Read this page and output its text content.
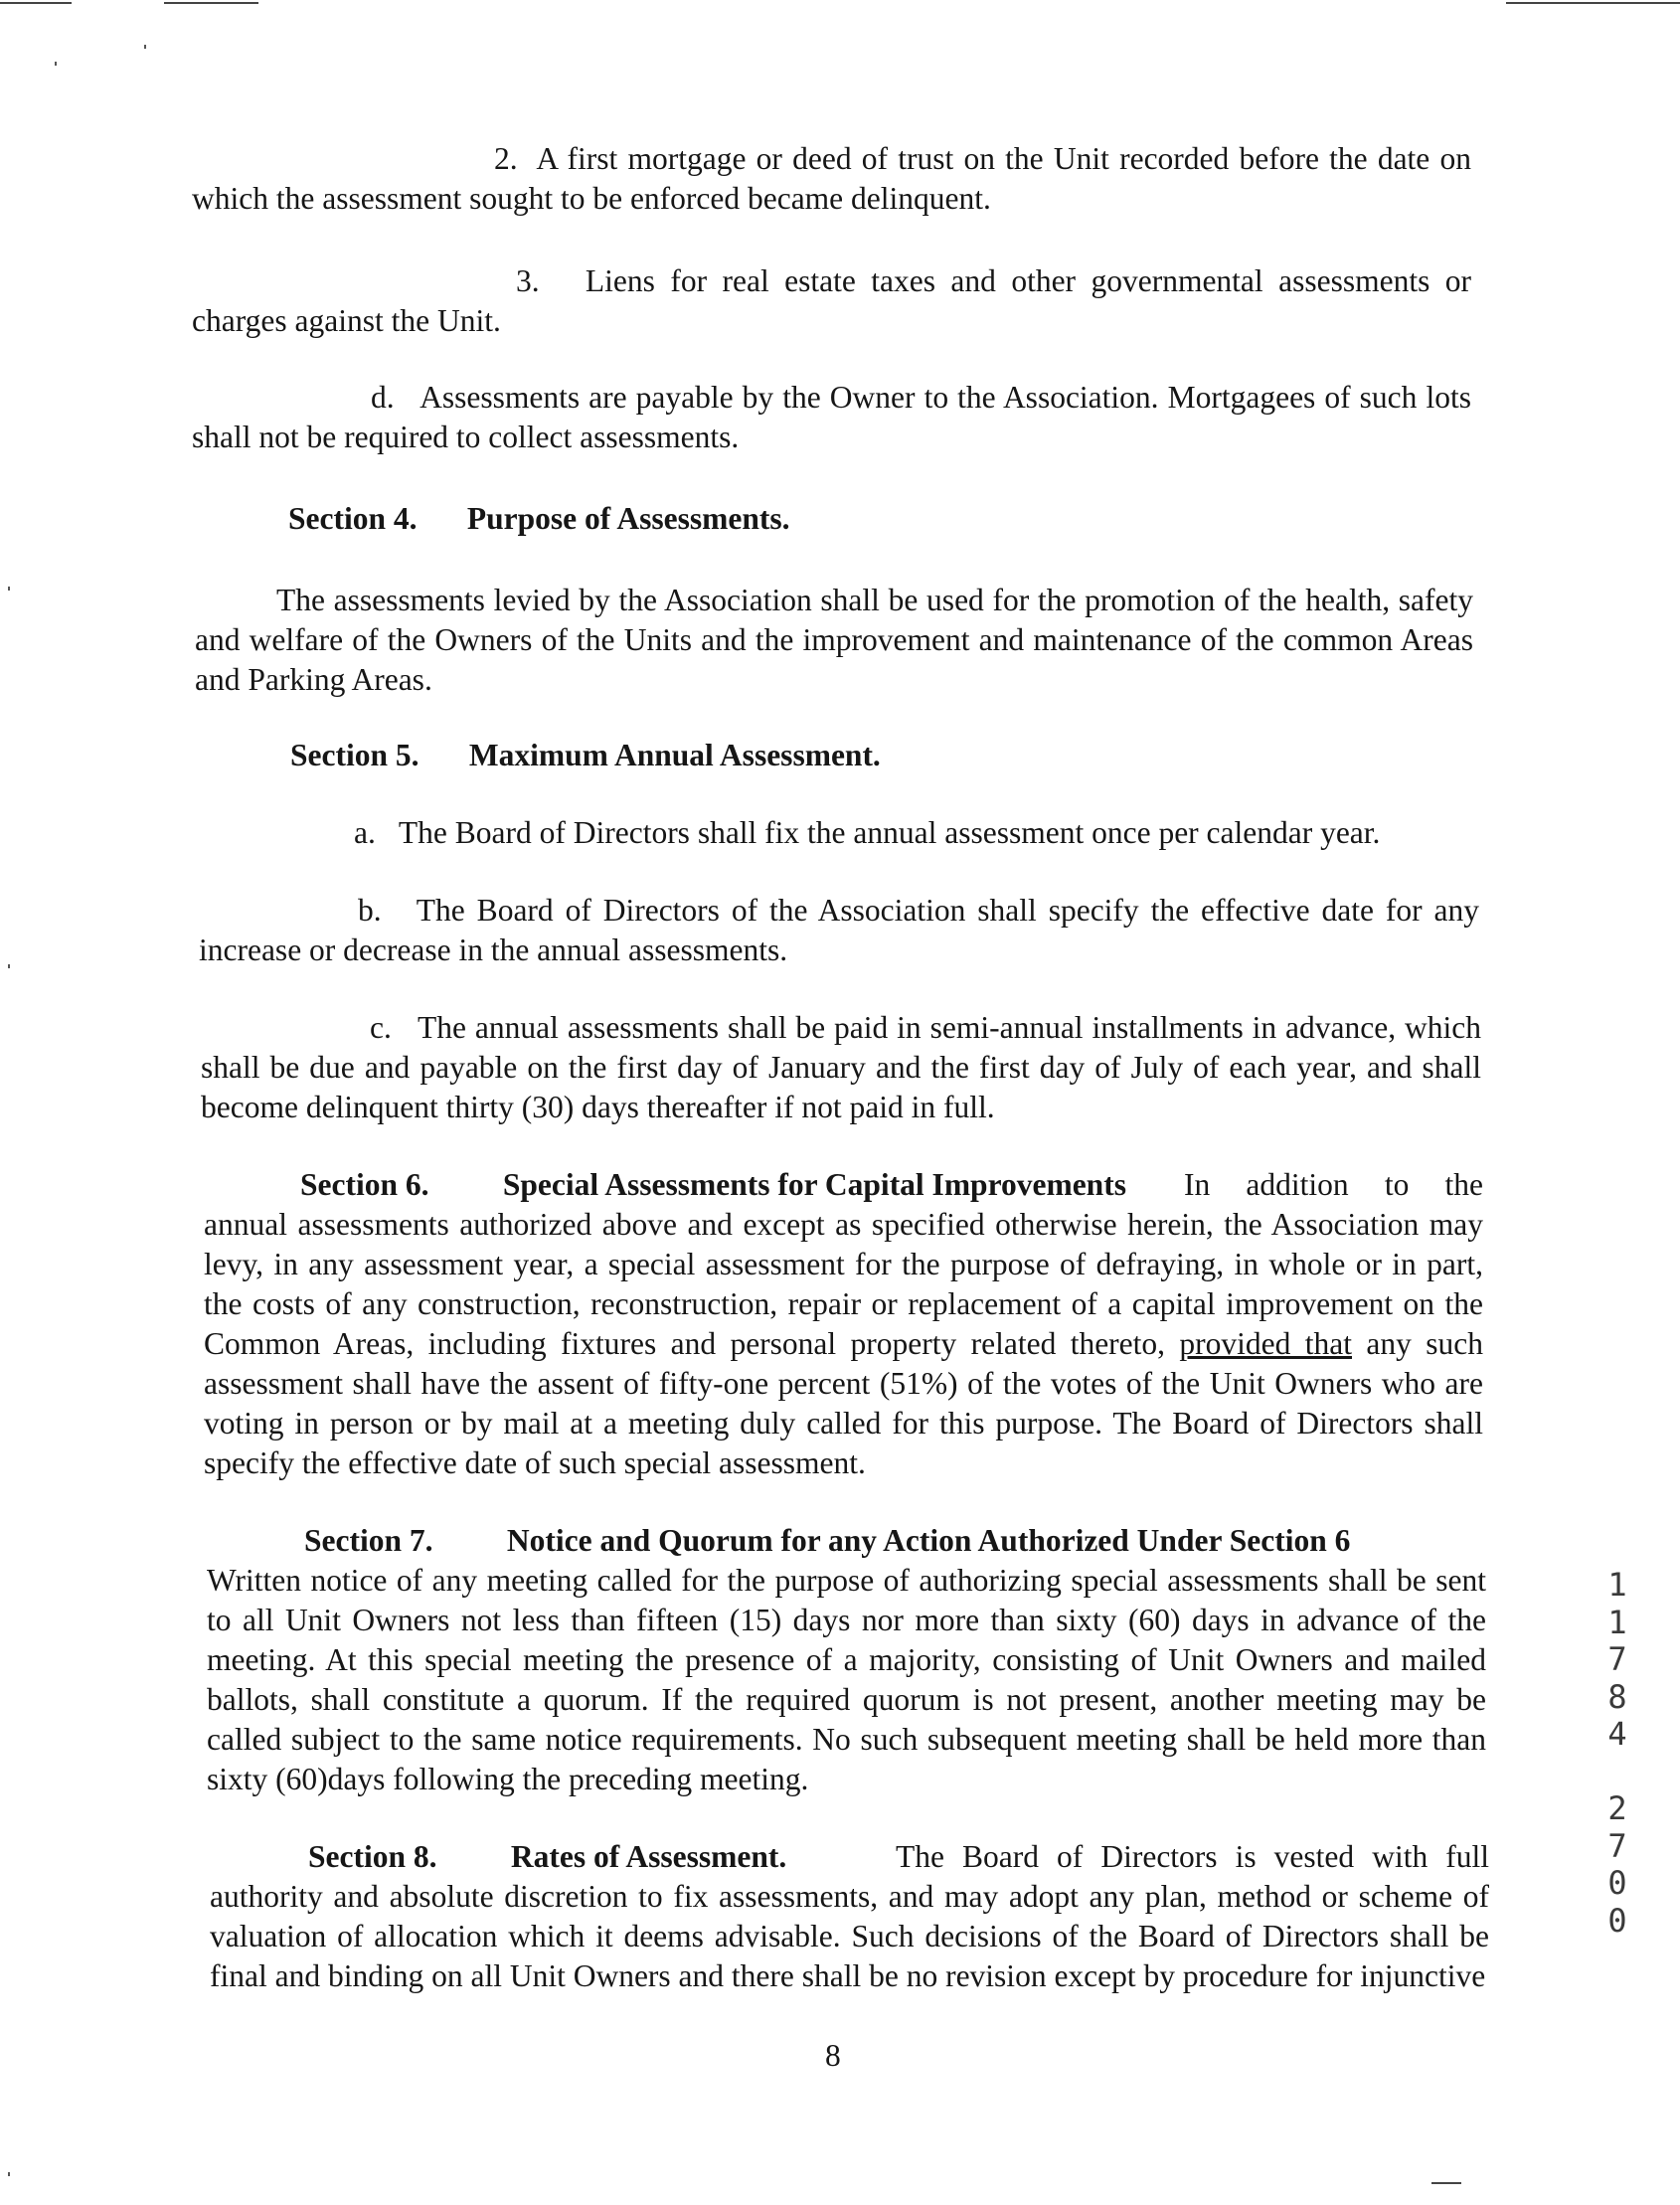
2. A first mortgage or deed of trust on the Unit recorded before the date on which the assessment sought to be enforced became delinquent.

3. Liens for real estate taxes and other governmental assessments or charges against the Unit.

d. Assessments are payable by the Owner to the Association. Mortgagees of such lots shall not be required to collect assessments.

Section 4. Purpose of Assessments.

The assessments levied by the Association shall be used for the promotion of the health, safety and welfare of the Owners of the Units and the improvement and maintenance of the common Areas and Parking Areas.

Section 5. Maximum Annual Assessment.

a. The Board of Directors shall fix the annual assessment once per calendar year.

b. The Board of Directors of the Association shall specify the effective date for any increase or decrease in the annual assessments.

c. The annual assessments shall be paid in semi-annual installments in advance, which shall be due and payable on the first day of January and the first day of July of each year, and shall become delinquent thirty (30) days thereafter if not paid in full.

Section 6. Special Assessments for Capital Improvements	In addition to the annual assessments authorized above and except as specified otherwise herein, the Association may levy, in any assessment year, a special assessment for the purpose of defraying, in whole or in part, the costs of any construction, reconstruction, repair or replacement of a capital improvement on the Common Areas, including fixtures and personal property related thereto, provided that any such assessment shall have the assent of fifty-one percent (51%) of the votes of the Unit Owners who are voting in person or by mail at a meeting duly called for this purpose. The Board of Directors shall specify the effective date of such special assessment.

Section 7. Notice and Quorum for any Action Authorized Under Section 6

Written notice of any meeting called for the purpose of authorizing special assessments shall be sent to all Unit Owners not less than fifteen (15) days nor more than sixty (60) days in advance of the meeting. At this special meeting the presence of a majority, consisting of Unit Owners and mailed ballots, shall constitute a quorum. If the required quorum is not present, another meeting may be called subject to the same notice requirements. No such subsequent meeting shall be held more than sixty (60)days following the preceding meeting.

Section 8. Rates of Assessment.	The Board of Directors is vested with full authority and absolute discretion to fix assessments, and may adopt any plan, method or scheme of valuation of allocation which it deems advisable. Such decisions of the Board of Directors shall be final and binding on all Unit Owners and there shall be no revision except by procedure for injunctive

8
1
1
7
8
4

2
7
0
0
